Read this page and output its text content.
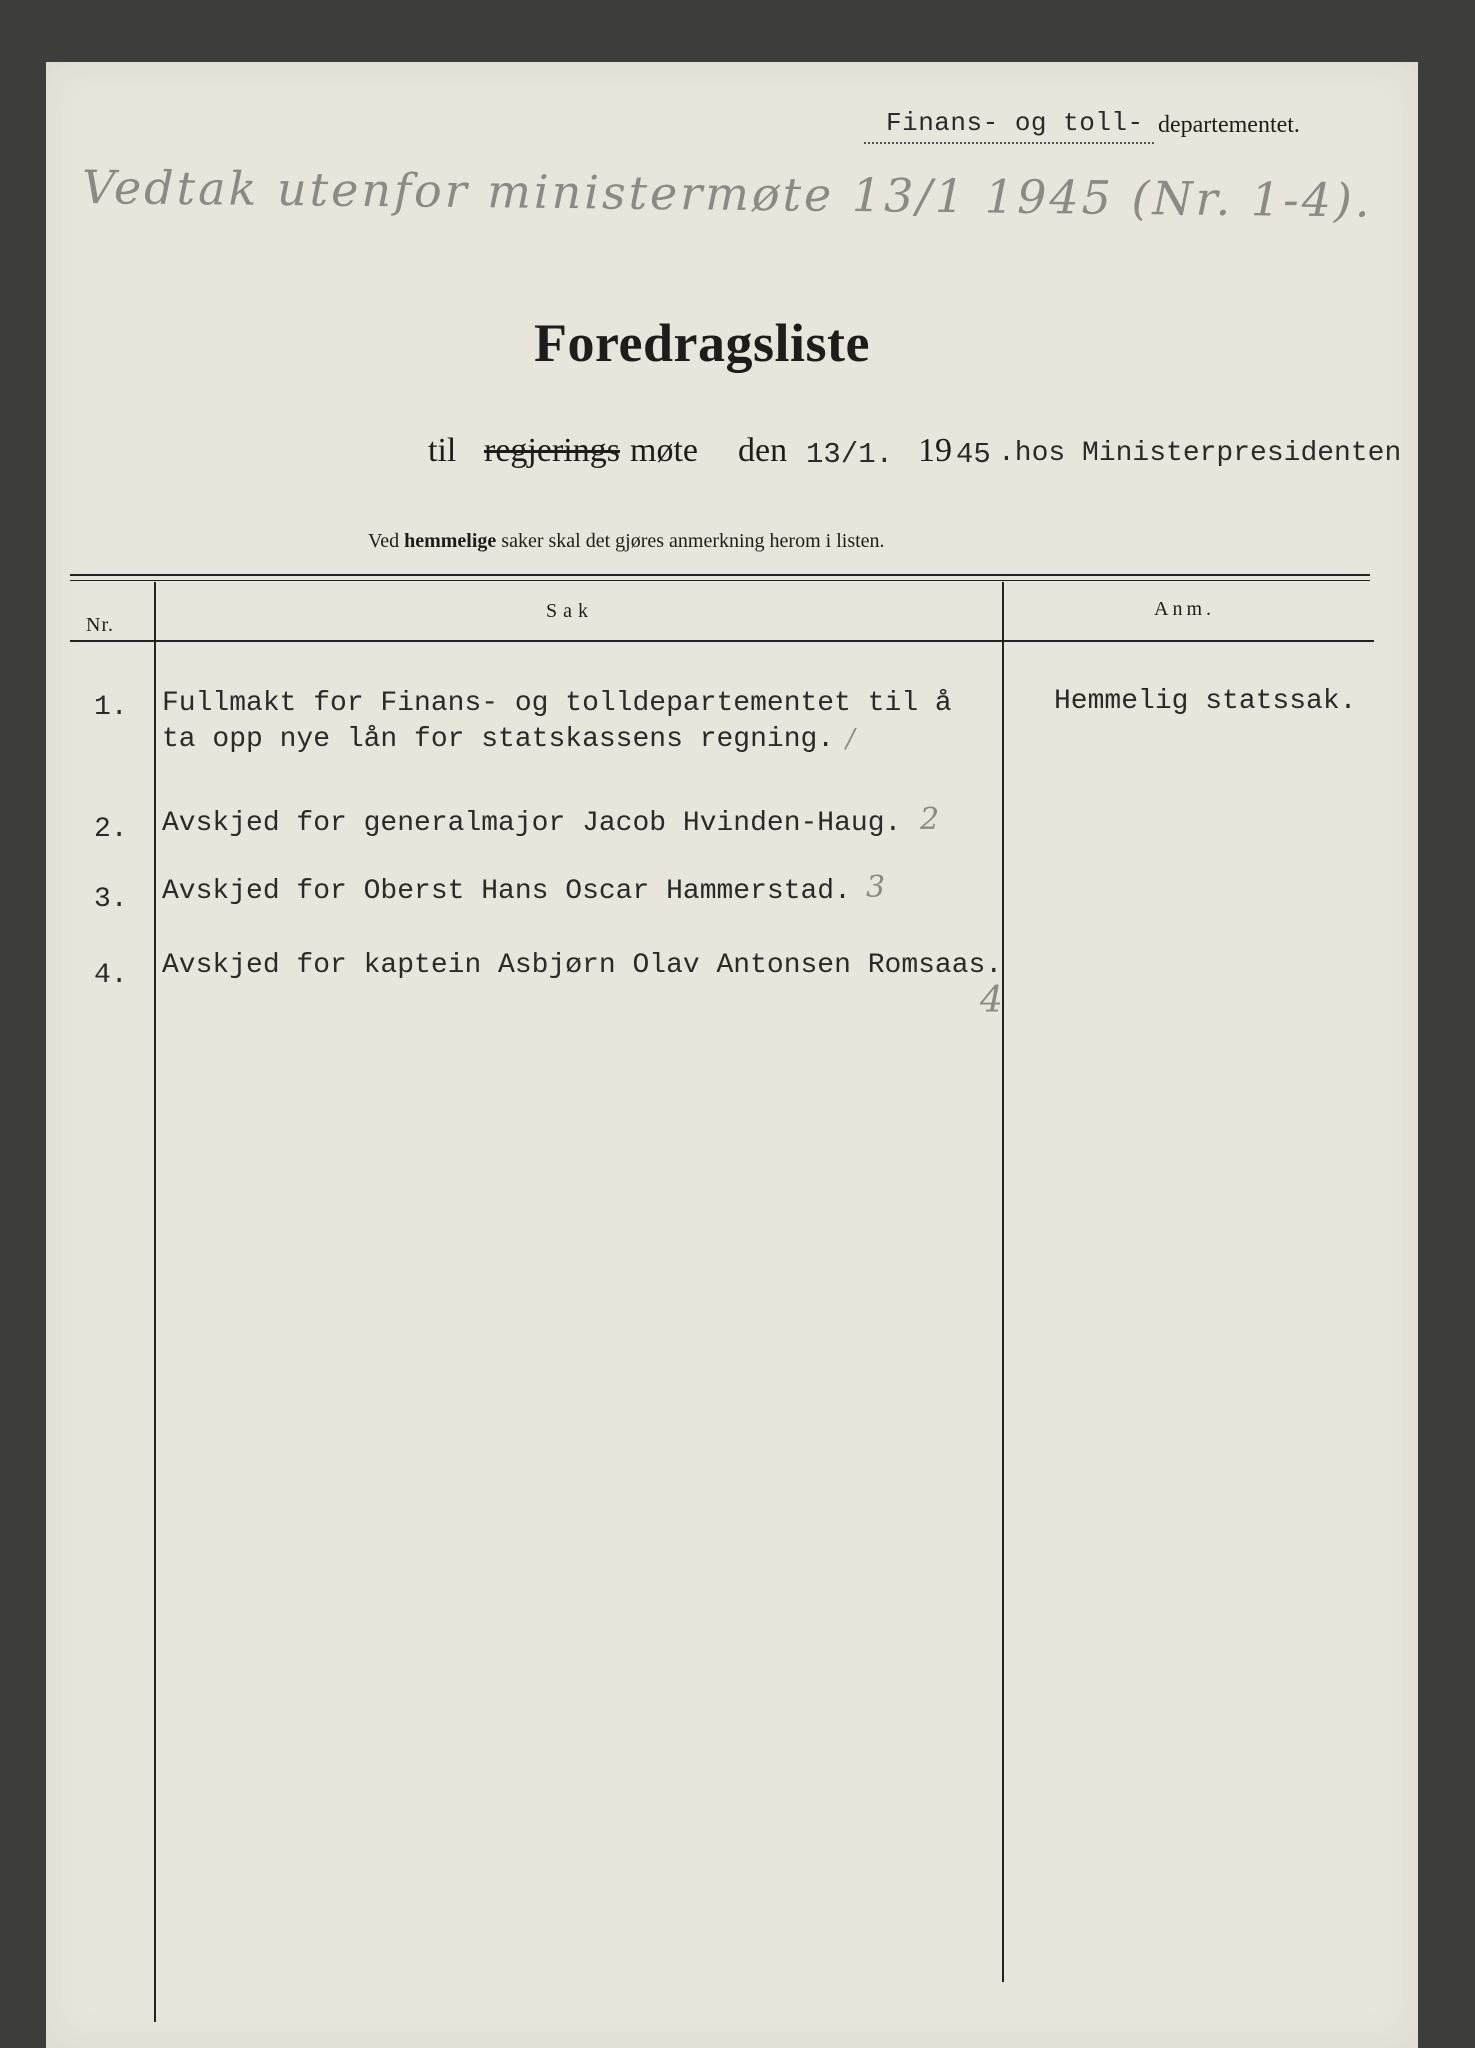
Finans- og toll- departementet.
Vedtak utenfor ministermøte 13/1 1945 (Nr. 1-4).
Foredragsliste
til regjerings møte den 13/1. 19 45 .hos Ministerpresidenten
Ved hemmelige saker skal det gjøres anmerkning herom i listen.
Nr.
Sak	Anm.
1. Fullmakt for Finans- og tolldepartementet til å
ta opp nye lån for statskassens regning. /
Hemmelig statssak.
2. Avskjed for generalmajor Jacob Hvinden-Haug. 2
3. Avskjed for Oberst Hans Oscar Hammerstad. 3
4. Avskjed for kaptein Asbjørn Olav Antonsen Romsaas.
4
